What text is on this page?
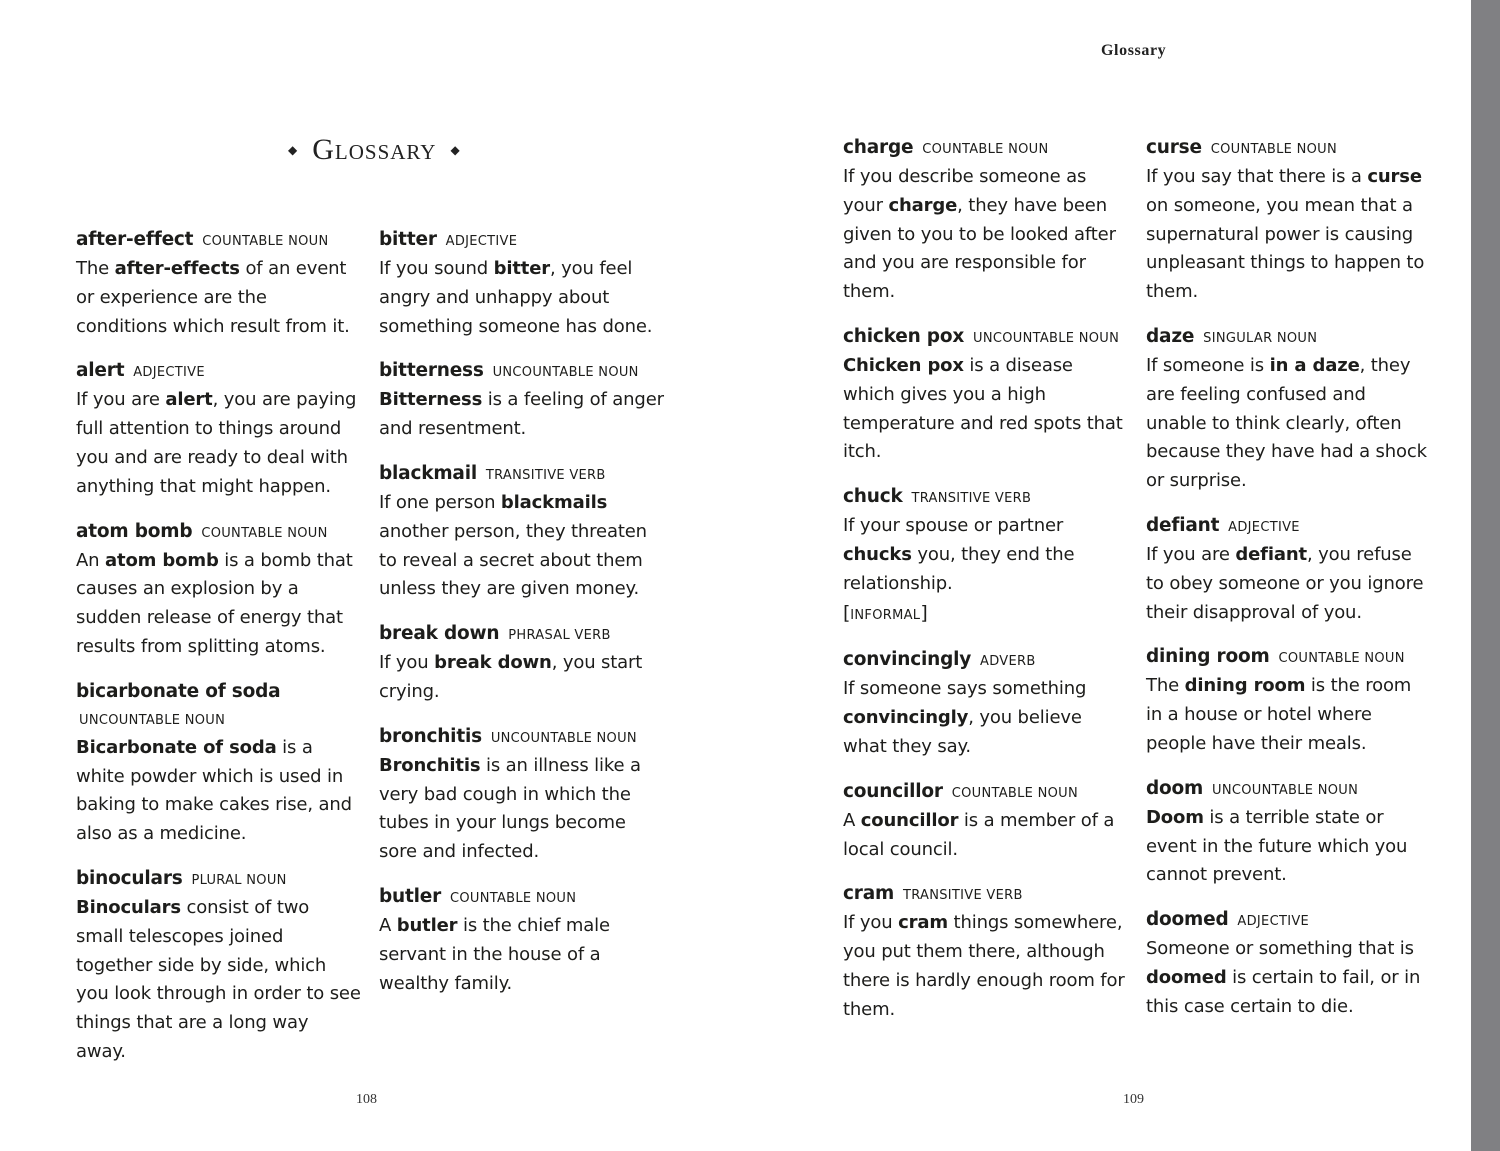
Glossary
◆ Glossary ◆
after-effect COUNTABLE NOUN
The after-effects of an event or experience are the conditions which result from it.
alert ADJECTIVE
If you are alert, you are paying full attention to things around you and are ready to deal with anything that might happen.
atom bomb COUNTABLE NOUN
An atom bomb is a bomb that causes an explosion by a sudden release of energy that results from splitting atoms.
bicarbonate of soda UNCOUNTABLE NOUN
Bicarbonate of soda is a white powder which is used in baking to make cakes rise, and also as a medicine.
binoculars PLURAL NOUN
Binoculars consist of two small telescopes joined together side by side, which you look through in order to see things that are a long way away.
bitter ADJECTIVE
If you sound bitter, you feel angry and unhappy about something someone has done.
bitterness UNCOUNTABLE NOUN
Bitterness is a feeling of anger and resentment.
blackmail TRANSITIVE VERB
If one person blackmails another person, they threaten to reveal a secret about them unless they are given money.
break down PHRASAL VERB
If you break down, you start crying.
bronchitis UNCOUNTABLE NOUN
Bronchitis is an illness like a very bad cough in which the tubes in your lungs become sore and infected.
butler COUNTABLE NOUN
A butler is the chief male servant in the house of a wealthy family.
charge COUNTABLE NOUN
If you describe someone as your charge, they have been given to you to be looked after and you are responsible for them.
chicken pox UNCOUNTABLE NOUN
Chicken pox is a disease which gives you a high temperature and red spots that itch.
chuck TRANSITIVE VERB
If your spouse or partner chucks you, they end the relationship.
[INFORMAL]
convincingly ADVERB
If someone says something convincingly, you believe what they say.
councillor COUNTABLE NOUN
A councillor is a member of a local council.
cram TRANSITIVE VERB
If you cram things somewhere, you put them there, although there is hardly enough room for them.
curse COUNTABLE NOUN
If you say that there is a curse on someone, you mean that a supernatural power is causing unpleasant things to happen to them.
daze SINGULAR NOUN
If someone is in a daze, they are feeling confused and unable to think clearly, often because they have had a shock or surprise.
defiant ADJECTIVE
If you are defiant, you refuse to obey someone or you ignore their disapproval of you.
dining room COUNTABLE NOUN
The dining room is the room in a house or hotel where people have their meals.
doom UNCOUNTABLE NOUN
Doom is a terrible state or event in the future which you cannot prevent.
doomed ADJECTIVE
Someone or something that is doomed is certain to fail, or in this case certain to die.
108	109
